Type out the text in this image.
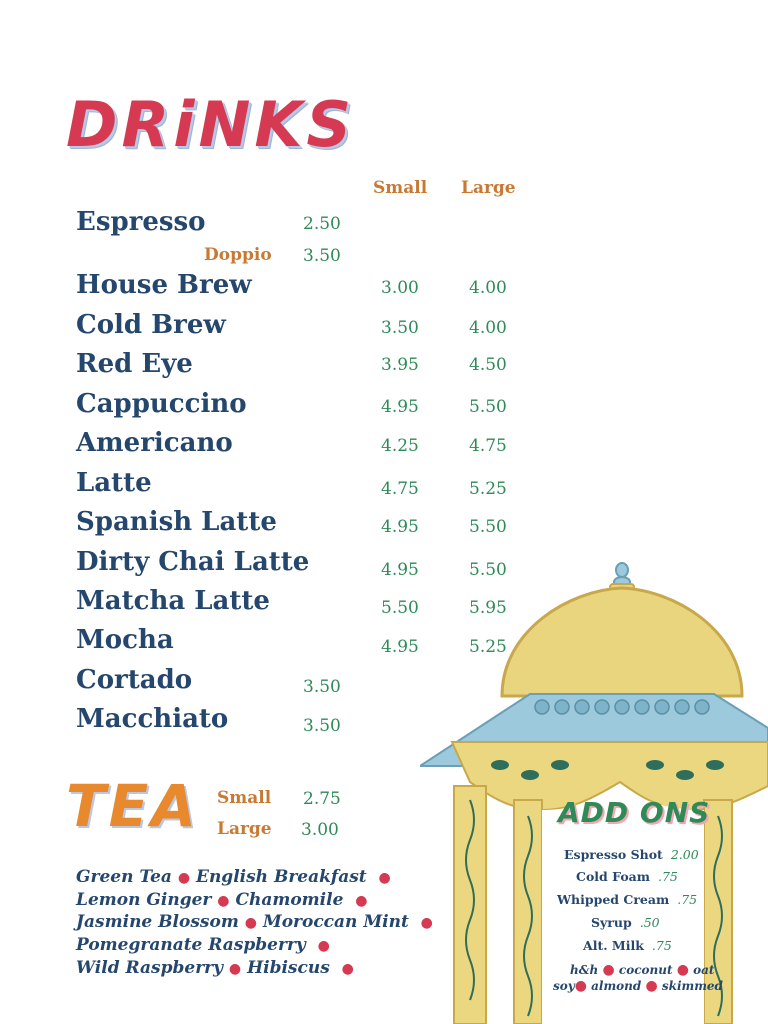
DRiNKS
Small Large
Espresso	2.50
Doppio 3.50
House Brew	3.00	4.00
Cold Brew	3.50	4.00
Red Eye	3.95	4.50
Cappuccino	4.95	5.50
Americano	4.25	4.75
Latte	4.75	5.25
Spanish Latte	4.95	5.50
Dirty Chai Latte	4.95	5.50
Matcha Latte	5.50	5.95
Mocha	4.95	5.25
Cortado	3.50
Macchiato	3.50
TEA Small 2.75
Large 3.00
Green Tea ● English Breakfast ●
Lemon Ginger ● Chamomile ●
Jasmine Blossom ● Moroccan Mint ●
Pomegranate Raspberry ●
Wild Raspberry ● Hibiscus ●
ADD ONS
Espresso Shot 2.00
Cold Foam .75
Whipped Cream .75
Syrup .50
Alt. Milk .75
h&h ● coconut ● oat
soy● almond ● skimmed
